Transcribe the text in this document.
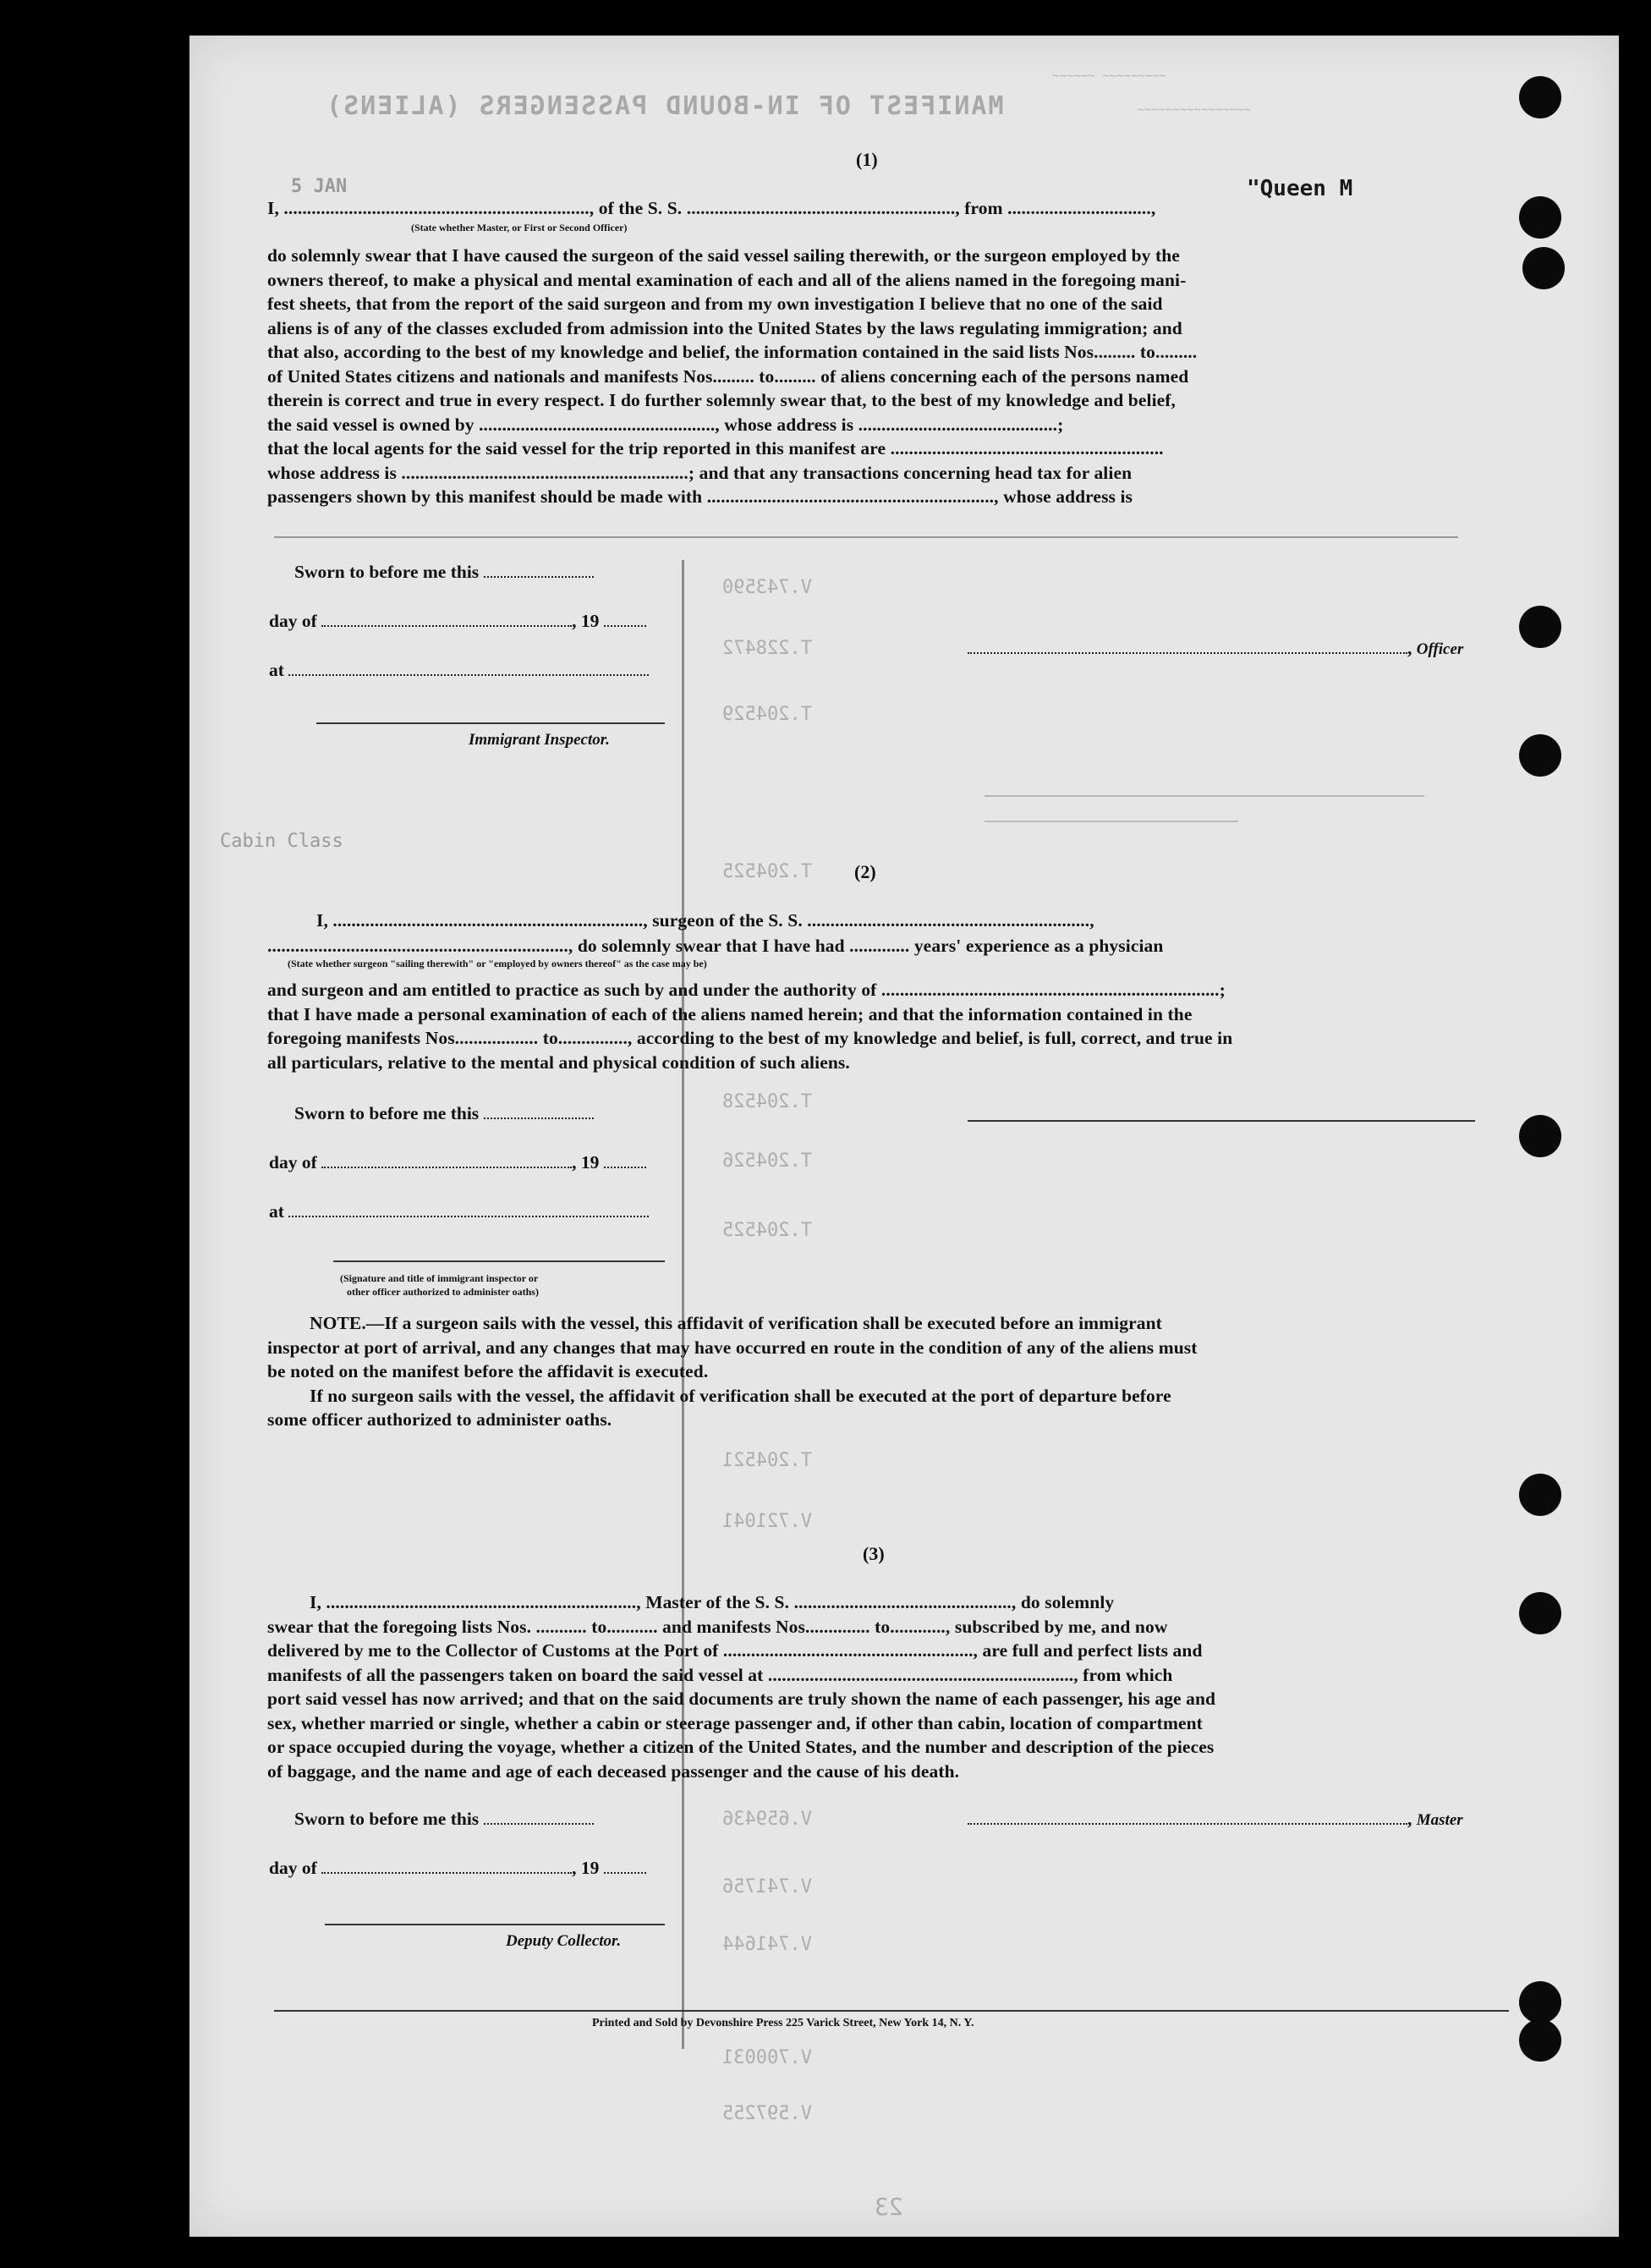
MANIFEST OF IN-BOUND PASSENGERS (ALIENS)
~~~~~~ ~~~~~~~~~
~~~~~~~~~~~~~~~~
(1)
"Queen M
5 JAN

I, .................................................................., of the S. S. .........................................................., from ...............................,

(State whether Master, or First or Second Officer)

do solemnly swear that I have caused the surgeon of the said vessel sailing therewith, or the surgeon employed by the

owners thereof, to make a physical and mental examination of each and all of the aliens named in the foregoing mani-

fest sheets, that from the report of the said surgeon and from my own investigation I believe that no one of the said

aliens is of any of the classes excluded from admission into the United States by the laws regulating immigration; and

that also, according to the best of my knowledge and belief, the information contained in the said lists Nos......... to.........

of United States citizens and nationals and manifests Nos......... to......... of aliens concerning each of the persons named

therein is correct and true in every respect. I do further solemnly swear that, to the best of my knowledge and belief,

the said vessel is owned by ..................................................., whose address is ...........................................;

that the local agents for the said vessel for the trip reported in this manifest are ...........................................................

whose address is ..............................................................; and that any transactions concerning head tax for alien

passengers shown by this manifest should be made with .............................................................., whose address is

Sworn to before me this
day of	, 19
at
Immigrant Inspector.
, Officer
(2)

I, ..................................................................., surgeon of the S. S. .............................................................,

................................................................., do solemnly swear that I have had ............. years' experience as a physician

(State whether surgeon "sailing therewith" or "employed by owners thereof" as the case may be)

and surgeon and am entitled to practice as such by and under the authority of .........................................................................;

that I have made a personal examination of each of the aliens named herein; and that the information contained in the

foregoing manifests Nos.................. to..............., according to the best of my knowledge and belief, is full, correct, and true in

all particulars, relative to the mental and physical condition of such aliens.

Sworn to before me this
day of	, 19
at
(Signature and title of immigrant inspector or
other officer authorized to administer oaths)

NOTE.—If a surgeon sails with the vessel, this affidavit of verification shall be executed before an immigrant

inspector at port of arrival, and any changes that may have occurred en route in the condition of any of the aliens must

be noted on the manifest before the affidavit is executed.

If no surgeon sails with the vessel, the affidavit of verification shall be executed at the port of departure before

some officer authorized to administer oaths.

(3)

I, ..................................................................., Master of the S. S. ..............................................., do solemnly

swear that the foregoing lists Nos. ........... to........... and manifests Nos.............. to............, subscribed by me, and now

delivered by me to the Collector of Customs at the Port of ......................................................, are full and perfect lists and

manifests of all the passengers taken on board the said vessel at .................................................................., from which

port said vessel has now arrived; and that on the said documents are truly shown the name of each passenger, his age and

sex, whether married or single, whether a cabin or steerage passenger and, if other than cabin, location of compartment

or space occupied during the voyage, whether a citizen of the United States, and the number and description of the pieces

of baggage, and the name and age of each deceased passenger and the cause of his death.

Sworn to before me this	, Master
day of	, 19
Deputy Collector.
Printed and Sold by Devonshire Press 225 Varick Street, New York 14, N. Y.
V.743590
T.228472
T.204529
T.204525
T.204528
T.204526
T.204525
T.204521
V.721041
V.659436
V.741756
V.741644
V.700031
V.597255
23
Cabin Class
